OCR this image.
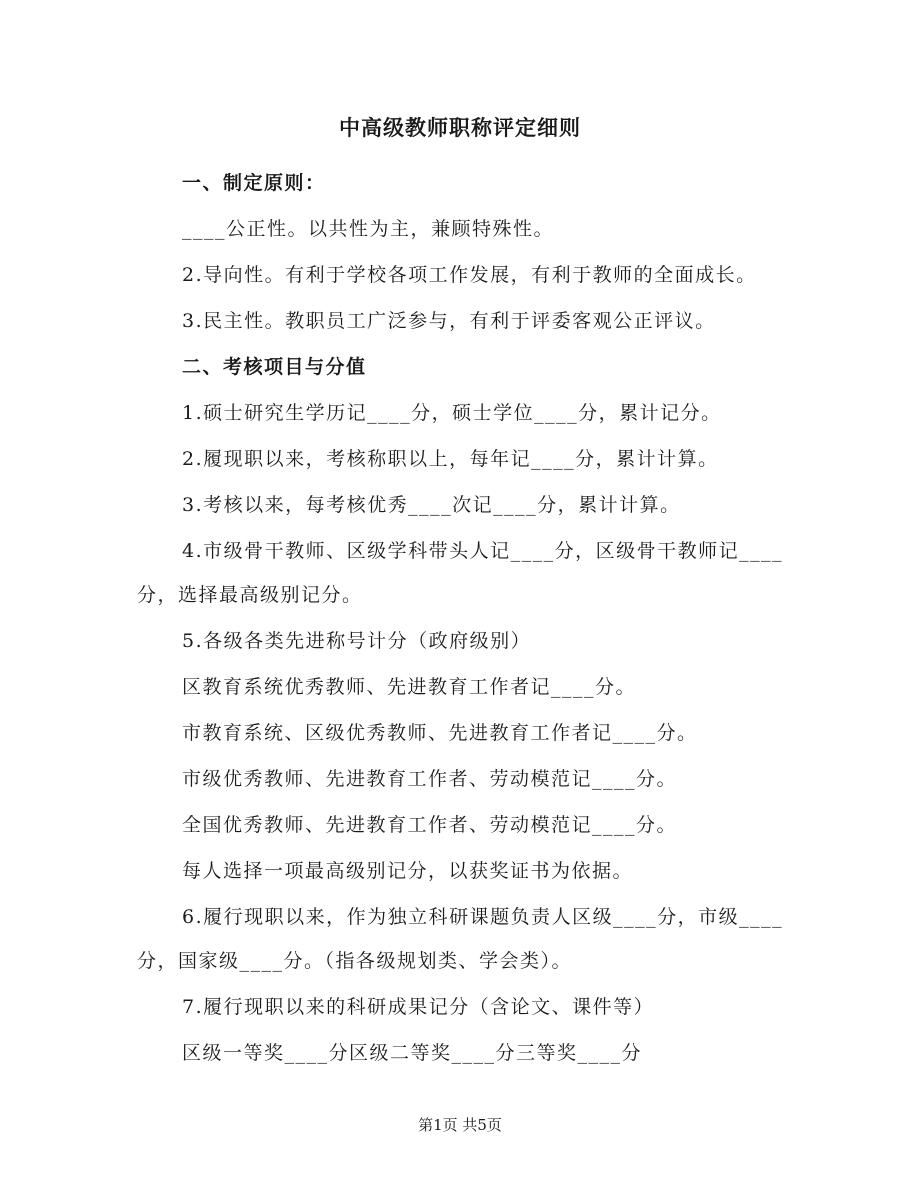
中高级教师职称评定细则
一、制定原则：
____公正性。以共性为主，兼顾特殊性。
2.导向性。有利于学校各项工作发展，有利于教师的全面成长。
3.民主性。教职员工广泛参与，有利于评委客观公正评议。
二、考核项目与分值
1.硕士研究生学历记____分，硕士学位____分，累计记分。
2.履现职以来，考核称职以上，每年记____分，累计计算。
3.考核以来，每考核优秀____次记____分，累计计算。
4.市级骨干教师、区级学科带头人记____分，区级骨干教师记____
分，选择最高级别记分。
5.各级各类先进称号计分（政府级别）
区教育系统优秀教师、先进教育工作者记____分。
市教育系统、区级优秀教师、先进教育工作者记____分。
市级优秀教师、先进教育工作者、劳动模范记____分。
全国优秀教师、先进教育工作者、劳动模范记____分。
每人选择一项最高级别记分，以获奖证书为依据。
6.履行现职以来，作为独立科研课题负责人区级____分，市级____
分，国家级____分。（指各级规划类、学会类）。
7.履行现职以来的科研成果记分（含论文、课件等）
区级一等奖____分区级二等奖____分三等奖____分
第1页 共5页
